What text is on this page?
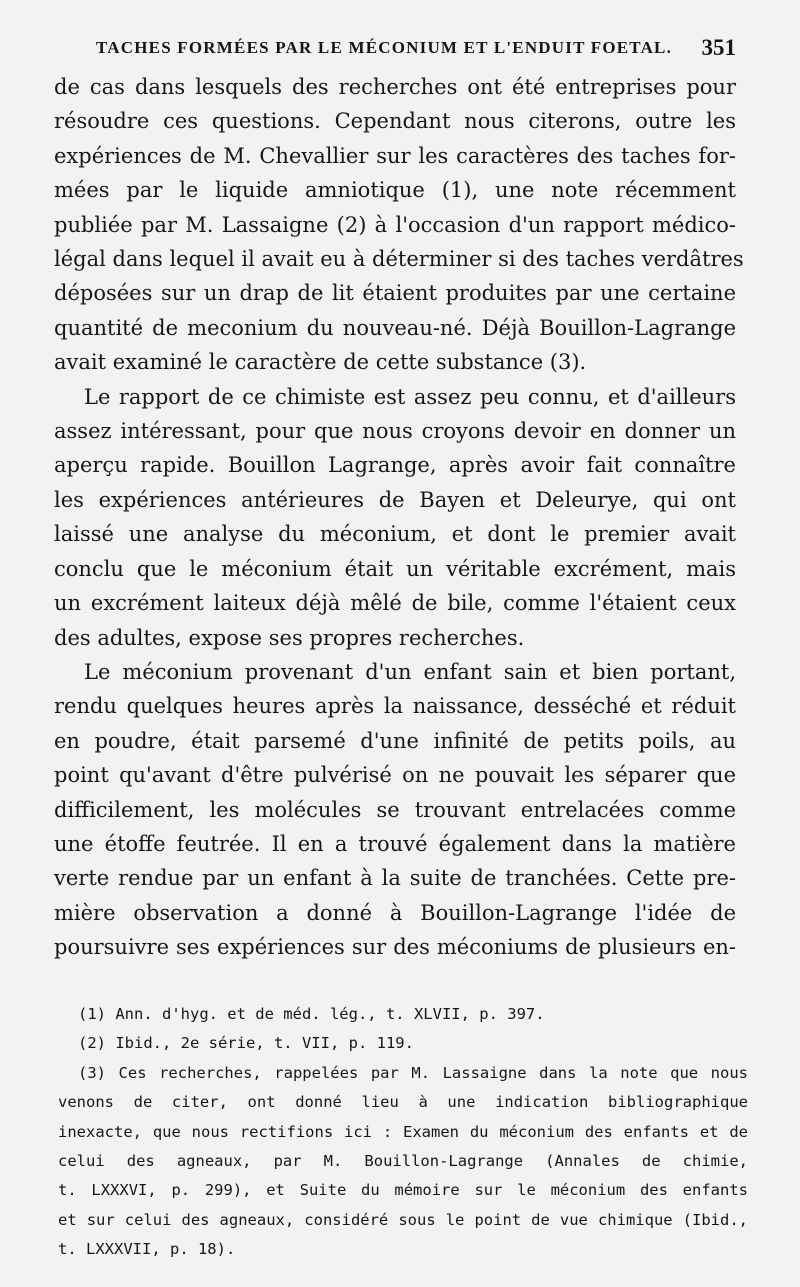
TACHES FORMÉES PAR LE MÉCONIUM ET L'ENDUIT FOETAL. 351
de cas dans lesquels des recherches ont été entreprises pour
résoudre ces questions. Cependant nous citerons, outre les
expériences de M. Chevallier sur les caractères des taches for-
mées par le liquide amniotique (1), une note récemment
publiée par M. Lassaigne (2) à l'occasion d'un rapport médico-
légal dans lequel il avait eu à déterminer si des taches verdâtres
déposées sur un drap de lit étaient produites par une certaine
quantité de meconium du nouveau-né. Déjà Bouillon-Lagrange
avait examiné le caractère de cette substance (3).
Le rapport de ce chimiste est assez peu connu, et d'ailleurs
assez intéressant, pour que nous croyons devoir en donner un
aperçu rapide. Bouillon Lagrange, après avoir fait connaître
les expériences antérieures de Bayen et Deleurye, qui ont
laissé une analyse du méconium, et dont le premier avait
conclu que le méconium était un véritable excrément, mais
un excrément laiteux déjà mêlé de bile, comme l'étaient ceux
des adultes, expose ses propres recherches.
Le méconium provenant d'un enfant sain et bien portant,
rendu quelques heures après la naissance, desséché et réduit
en poudre, était parsemé d'une infinité de petits poils, au
point qu'avant d'être pulvérisé on ne pouvait les séparer que
difficilement, les molécules se trouvant entrelacées comme
une étoffe feutrée. Il en a trouvé également dans la matière
verte rendue par un enfant à la suite de tranchées. Cette pre-
mière observation a donné à Bouillon-Lagrange l'idée de
poursuivre ses expériences sur des méconiums de plusieurs en-
(1) Ann. d'hyg. et de méd. lég., t. XLVII, p. 397.
(2) Ibid., 2e série, t. VII, p. 119.
(3) Ces recherches, rappelées par M. Lassaigne dans la note que nous
venons de citer, ont donné lieu à une indication bibliographique
inexacte, que nous rectifions ici : Examen du méconium des enfants et de
celui des agneaux, par M. Bouillon-Lagrange (Annales de chimie,
t. LXXXVI, p. 299), et Suite du mémoire sur le méconium des enfants
et sur celui des agneaux, considéré sous le point de vue chimique (Ibid.,
t. LXXXVII, p. 18).
